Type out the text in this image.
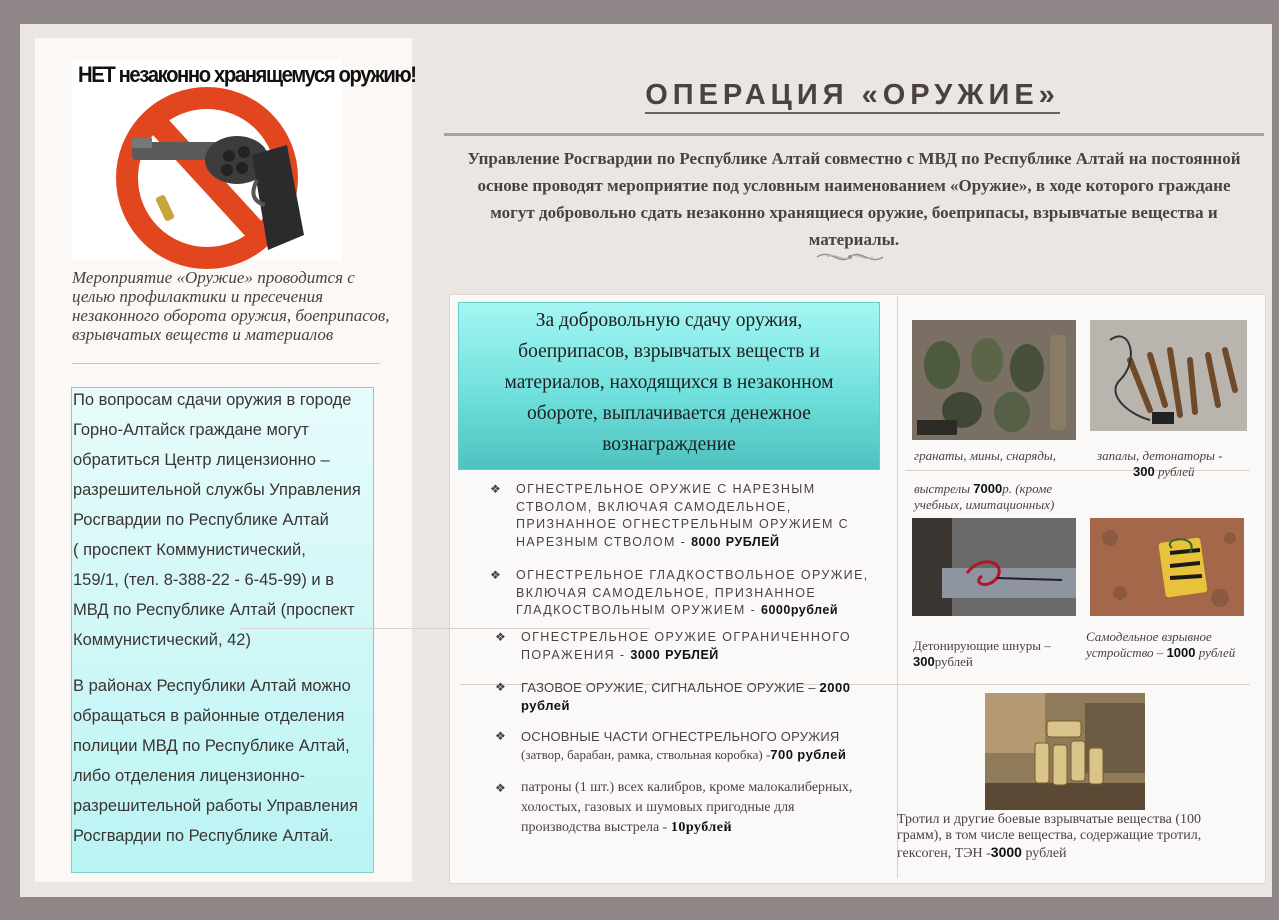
НЕТ незаконно хранящемуся оружию!

Мероприятие «Оружие» проводится с целью профилактики и пресечения незаконного оборота оружия, боеприпасов, взрывчатых веществ и материалов

По вопросам сдачи оружия в городе
Горно-Алтайск граждане могут
обратиться Центр лицензионно –
разрешительной службы Управления
Росгвардии по Республике Алтай
( проспект Коммунистический,
159/1, (тел. 8-388-22 - 6-45-99) и в
МВД по Республике Алтай (проспект
Коммунистический, 42)
В районах Республики Алтай можно
обращаться в районные отделения
полиции МВД по Республике Алтай,
либо отделения лицензионно-
разрешительной работы Управления
Росгвардии по Республике Алтай.
ОПЕРАЦИЯ «ОРУЖИЕ»

Управление Росгвардии по Республике Алтай совместно с МВД по Республике Алтай на постоянной основе проводят мероприятие под условным наименованием «Оружие», в ходе которого граждане могут добровольно сдать незаконно хранящиеся оружие, боеприпасы, взрывчатые вещества и материалы.

За добровольную сдачу оружия,
боеприпасов, взрывчатых веществ и
материалов, находящихся в незаконном
обороте, выплачивается денежное
вознаграждение
❖ ОГНЕСТРЕЛЬНОЕ ОРУЖИЕ С НАРЕЗНЫМ СТВОЛОМ, ВКЛЮЧАЯ САМОДЕЛЬНОЕ, ПРИЗНАННОЕ ОГНЕСТРЕЛЬНЫМ ОРУЖИЕМ С НАРЕЗНЫМ СТВОЛОМ - 8000 РУБЛЕЙ
❖ ОГНЕСТРЕЛЬНОЕ ГЛАДКОСТВОЛЬНОЕ ОРУЖИЕ, ВКЛЮЧАЯ САМОДЕЛЬНОЕ, ПРИЗНАННОЕ ГЛАДКОСТВОЛЬНЫМ ОРУЖИЕМ - 6000рублей
❖ ОГНЕСТРЕЛЬНОЕ ОРУЖИЕ ОГРАНИЧЕННОГО ПОРАЖЕНИЯ - 3000 РУБЛЕЙ
❖ ГАЗОВОЕ ОРУЖИЕ, СИГНАЛЬНОЕ ОРУЖИЕ – 2000 рублей
❖ ОСНОВНЫЕ ЧАСТИ ОГНЕСТРЕЛЬНОГО ОРУЖИЯ
(затвор, барабан, рамка, ствольная коробка) -700 рублей
❖ патроны (1 шт.) всех калибров, кроме малокалиберных, холостых, газовых и шумовых пригодные для производства выстрела - 10рублей
гранаты, мины, снаряды,	запалы, детонаторы -
300 рублей
выстрелы 7000р. (кроме учебных, имитационных)
Детонирующие шнуры –
300рублей
Самодельное взрывное устройство – 1000 рублей
Тротил и другие боевые взрывчатые вещества (100 грамм), в том числе вещества, содержащие тротил, гексоген, ТЭН -3000 рублей
